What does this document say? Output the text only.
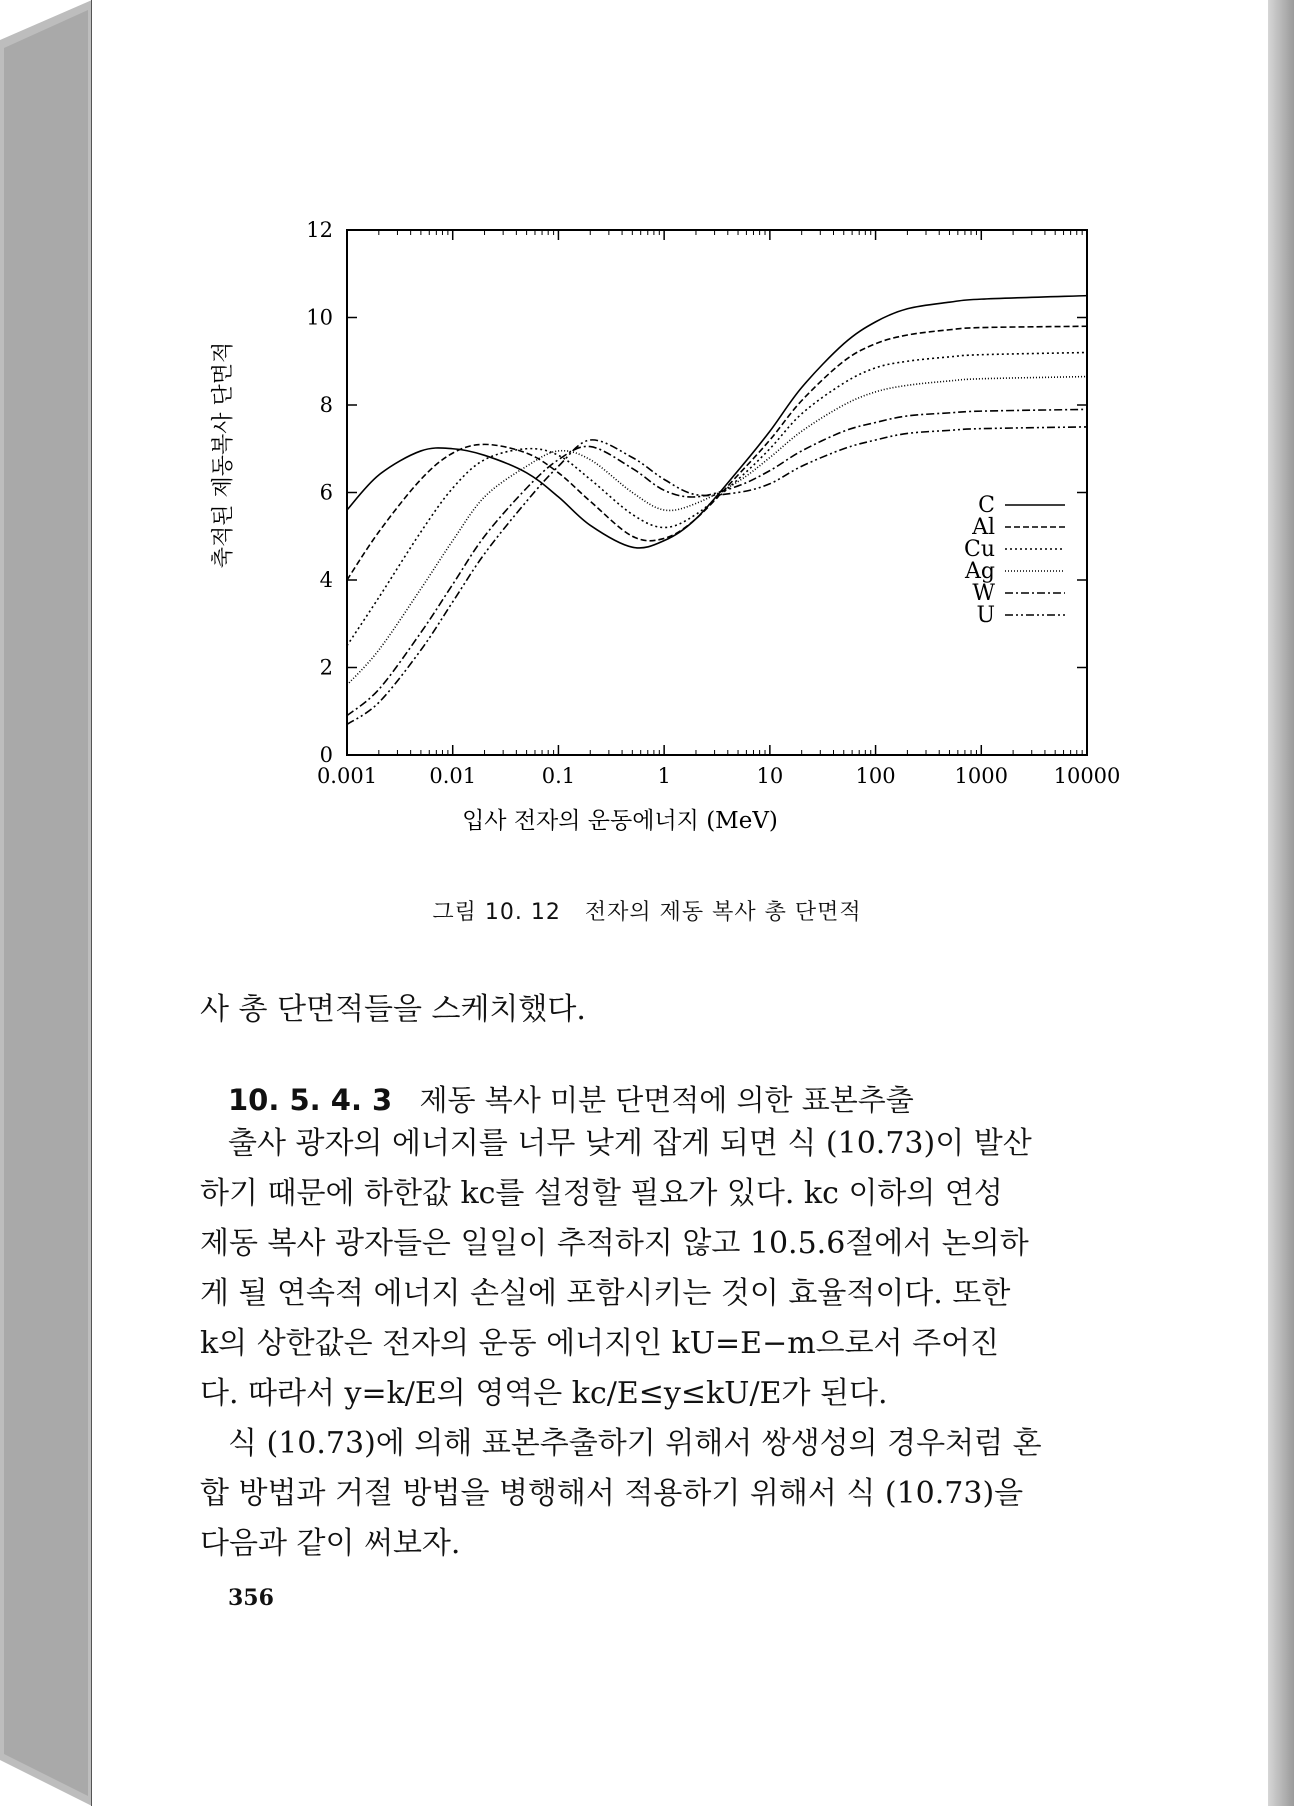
0.001 0.01	0.1	1	10	100	1000 10000
0
2
4
6
8
10
12
C
Al
Cu
Ag
W
U
축적된 제동복사 단면적
입사 전자의 운동에너지 (MeV)
그림 10. 12 전자의 제동 복사 총 단면적
사 총 단면적들을 스케치했다.
10. 5. 4. 3 제동 복사 미분 단면적에 의한 표본추출
출사 광자의 에너지를 너무 낮게 잡게 되면 식 (10.73)이 발산
하기 때문에 하한값 kc를 설정할 필요가 있다. kc 이하의 연성
제동 복사 광자들은 일일이 추적하지 않고 10.5.6절에서 논의하
게 될 연속적 에너지 손실에 포함시키는 것이 효율적이다. 또한
k의 상한값은 전자의 운동 에너지인 kU=E−m으로서 주어진
다. 따라서 y=k/E의 영역은 kc/E≤y≤kU/E가 된다.
식 (10.73)에 의해 표본추출하기 위해서 쌍생성의 경우처럼 혼
합 방법과 거절 방법을 병행해서 적용하기 위해서 식 (10.73)을
다음과 같이 써보자.
356
